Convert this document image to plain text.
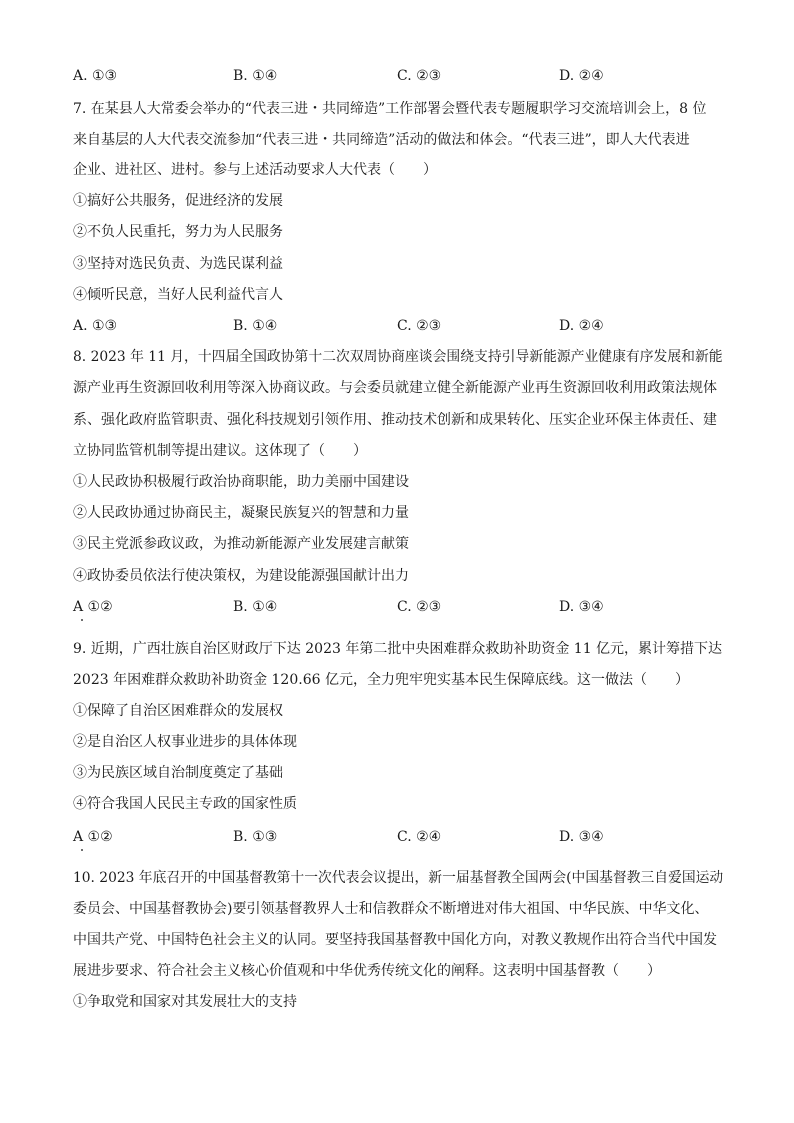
A. ①③	B. ①④	C. ②③	D. ②④
7. 在某县人大常委会举办的“代表三进・共同缔造”工作部署会暨代表专题履职学习交流培训会上，8 位
来自基层的人大代表交流参加“代表三进・共同缔造”活动的做法和体会。“代表三进”，即人大代表进
企业、进社区、进村。参与上述活动要求人大代表（　　）
①搞好公共服务，促进经济的发展
②不负人民重托，努力为人民服务
③坚持对选民负责、为选民谋利益
④倾听民意，当好人民利益代言人
A. ①③	B. ①④	C. ②③	D. ②④
8. 2023 年 11 月，十四届全国政协第十二次双周协商座谈会围绕支持引导新能源产业健康有序发展和新能
源产业再生资源回收利用等深入协商议政。与会委员就建立健全新能源产业再生资源回收利用政策法规体
系、强化政府监管职责、强化科技规划引领作用、推动技术创新和成果转化、压实企业环保主体责任、建
立协同监管机制等提出建议。这体现了（　　）
①人民政协积极履行政治协商职能，助力美丽中国建设
②人民政协通过协商民主，凝聚民族复兴的智慧和力量
③民主党派参政议政，为推动新能源产业发展建言献策
④政协委员依法行使决策权，为建设能源强国献计出力
A ①②	B. ①④	C. ②③	D. ③④
9. 近期，广西壮族自治区财政厅下达 2023 年第二批中央困难群众救助补助资金 11 亿元，累计筹措下达
2023 年困难群众救助补助资金 120.66 亿元，全力兜牢兜实基本民生保障底线。这一做法（　　）
①保障了自治区困难群众的发展权
②是自治区人权事业进步的具体体现
③为民族区域自治制度奠定了基础
④符合我国人民民主专政的国家性质
A ①②	B. ①③	C. ②④	D. ③④
10. 2023 年底召开的中国基督教第十一次代表会议提出，新一届基督教全国两会(中国基督教三自爱国运动
委员会、中国基督教协会)要引领基督教界人士和信教群众不断增进对伟大祖国、中华民族、中华文化、
中国共产党、中国特色社会主义的认同。要坚持我国基督教中国化方向，对教义教规作出符合当代中国发
展进步要求、符合社会主义核心价值观和中华优秀传统文化的阐释。这表明中国基督教（　　）
①争取党和国家对其发展壮大的支持
